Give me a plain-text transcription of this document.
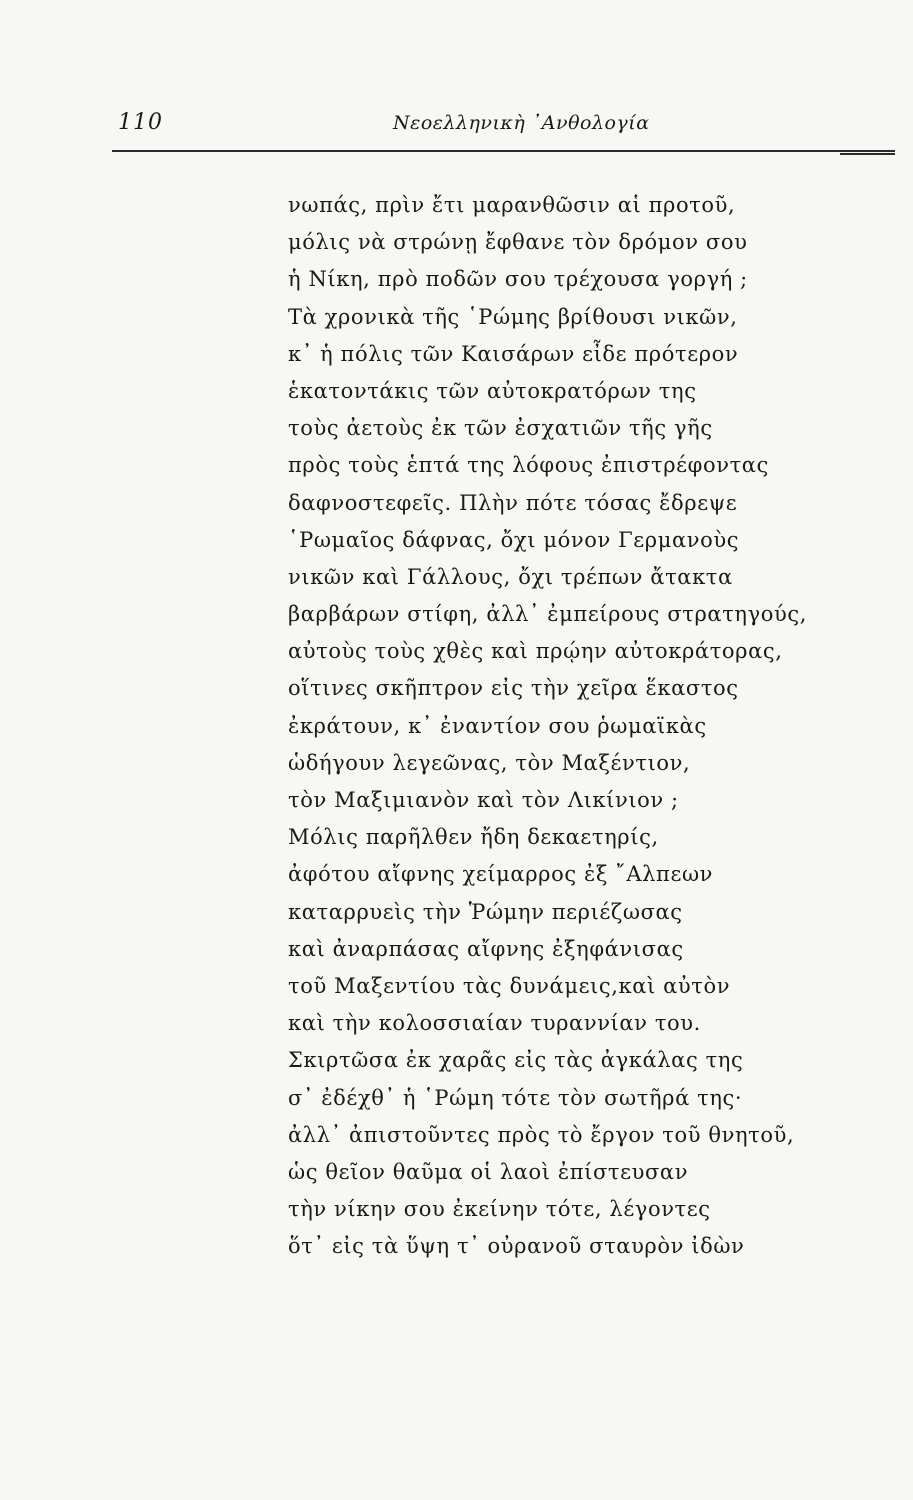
110	Νεοελληνικὴ ᾿Ανθολογία
νωπάς, πρὶν ἔτι μαρανθῶσιν αἱ προτοῦ,
μόλις νὰ στρώνῃ ἔφθανε τὸν δρόμον σου
ἡ Νίκη, πρὸ ποδῶν σου τρέχουσα γοργή ;
Τὰ χρονικὰ τῆς ῾Ρώμης βρίθουσι νικῶν,
κ᾿ ἡ πόλις τῶν Καισάρων εἶδε πρότερον
ἑκατοντάκις τῶν αὐτοκρατόρων της
τοὺς ἀετοὺς ἐκ τῶν ἐσχατιῶν τῆς γῆς
πρὸς τοὺς ἑπτά της λόφους ἐπιστρέφοντας
δαφνοστεφεῖς. Πλὴν πότε τόσας ἔδρεψε
῾Ρωμαῖος δάφνας, ὄχι μόνον Γερμανοὺς
νικῶν καὶ Γάλλους, ὄχι τρέπων ἄτακτα
βαρβάρων στίφη, ἀλλ᾿ ἐμπείρους στρατηγούς,
αὐτοὺς τοὺς χθὲς καὶ πρῴην αὐτοκράτορας,
οἵτινες σκῆπτρον εἰς τὴν χεῖρα ἕκαστος
ἐκράτουν, κ᾿ ἐναντίον σου ῥωμαϊκὰς
ὡδήγουν λεγεῶνας, τὸν Μαξέντιον,
τὸν Μαξιμιανὸν καὶ τὸν Λικίνιον ;
Μόλις παρῆλθεν ἤδη δεκαετηρίς,
ἀφότου αἴφνης χείμαρρος ἐξ ῎Αλπεων
καταρρυεὶς τὴν Ῥώμην περιέζωσας
καὶ ἀναρπάσας αἴφνης ἐξηφάνισας
τοῦ Μαξεντίου τὰς δυνάμεις,καὶ αὐτὸν
καὶ τὴν κολοσσιαίαν τυραννίαν του.
Σκιρτῶσα ἐκ χαρᾶς εἰς τὰς ἀγκάλας της
σ᾿ ἐδέχθ᾿ ἡ ῾Ρώμη τότε τὸν σωτῆρά της·
ἀλλ᾿ ἀπιστοῦντες πρὸς τὸ ἔργον τοῦ θνητοῦ,
ὡς θεῖον θαῦμα οἱ λαοὶ ἐπίστευσαν
τὴν νίκην σου ἐκείνην τότε, λέγοντες
ὅτ᾿ εἰς τὰ ὕψη τ᾿ οὐρανοῦ σταυρὸν ἰδὼν
